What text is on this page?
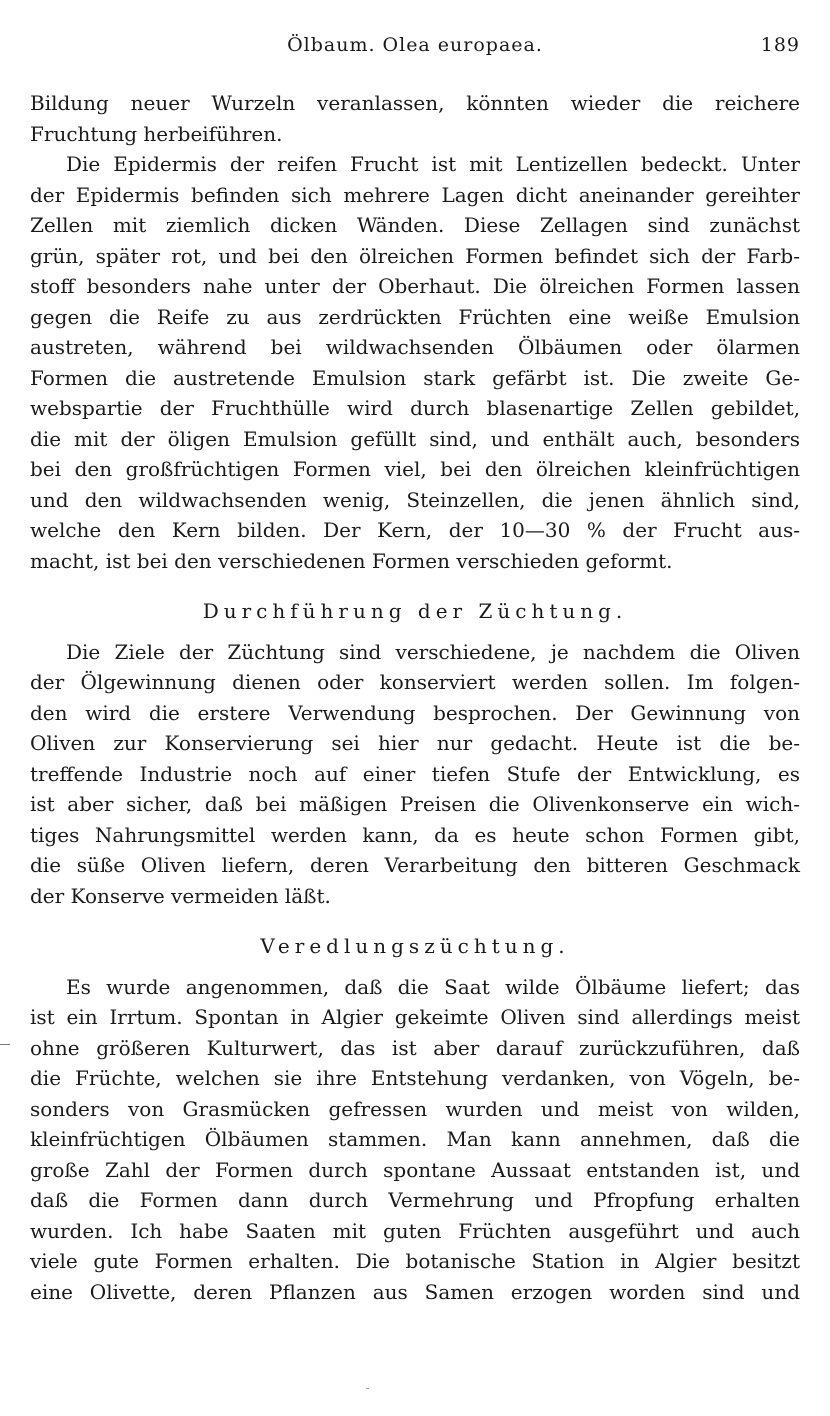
Ölbaum. Olea europaea.	189

Bildung neuer Wurzeln veranlassen, könnten wieder die reichere
Fruchtung herbeiführen.

Die Epidermis der reifen Frucht ist mit Lentizellen bedeckt. Unter
der Epidermis befinden sich mehrere Lagen dicht aneinander gereihter
Zellen mit ziemlich dicken Wänden. Diese Zellagen sind zunächst
grün, später rot, und bei den ölreichen Formen befindet sich der Farb-
stoff besonders nahe unter der Oberhaut. Die ölreichen Formen lassen
gegen die Reife zu aus zerdrückten Früchten eine weiße Emulsion
austreten, während bei wildwachsenden Ölbäumen oder ölarmen
Formen die austretende Emulsion stark gefärbt ist. Die zweite Ge-
webspartie der Fruchthülle wird durch blasenartige Zellen gebildet,
die mit der öligen Emulsion gefüllt sind, und enthält auch, besonders
bei den großfrüchtigen Formen viel, bei den ölreichen kleinfrüchtigen
und den wildwachsenden wenig, Steinzellen, die jenen ähnlich sind,
welche den Kern bilden. Der Kern, der 10—30 % der Frucht aus-
macht, ist bei den verschiedenen Formen verschieden geformt.

Durchführung der Züchtung.

Die Ziele der Züchtung sind verschiedene, je nachdem die Oliven
der Ölgewinnung dienen oder konserviert werden sollen. Im folgen-
den wird die erstere Verwendung besprochen. Der Gewinnung von
Oliven zur Konservierung sei hier nur gedacht. Heute ist die be-
treffende Industrie noch auf einer tiefen Stufe der Entwicklung, es
ist aber sicher, daß bei mäßigen Preisen die Olivenkonserve ein wich-
tiges Nahrungsmittel werden kann, da es heute schon Formen gibt,
die süße Oliven liefern, deren Verarbeitung den bitteren Geschmack
der Konserve vermeiden läßt.

Veredlungszüchtung.

Es wurde angenommen, daß die Saat wilde Ölbäume liefert; das
ist ein Irrtum. Spontan in Algier gekeimte Oliven sind allerdings meist
ohne größeren Kulturwert, das ist aber darauf zurückzuführen, daß
die Früchte, welchen sie ihre Entstehung verdanken, von Vögeln, be-
sonders von Grasmücken gefressen wurden und meist von wilden,
kleinfrüchtigen Ölbäumen stammen. Man kann annehmen, daß die
große Zahl der Formen durch spontane Aussaat entstanden ist, und
daß die Formen dann durch Vermehrung und Pfropfung erhalten
wurden. Ich habe Saaten mit guten Früchten ausgeführt und auch
viele gute Formen erhalten. Die botanische Station in Algier besitzt
eine Olivette, deren Pflanzen aus Samen erzogen worden sind und
